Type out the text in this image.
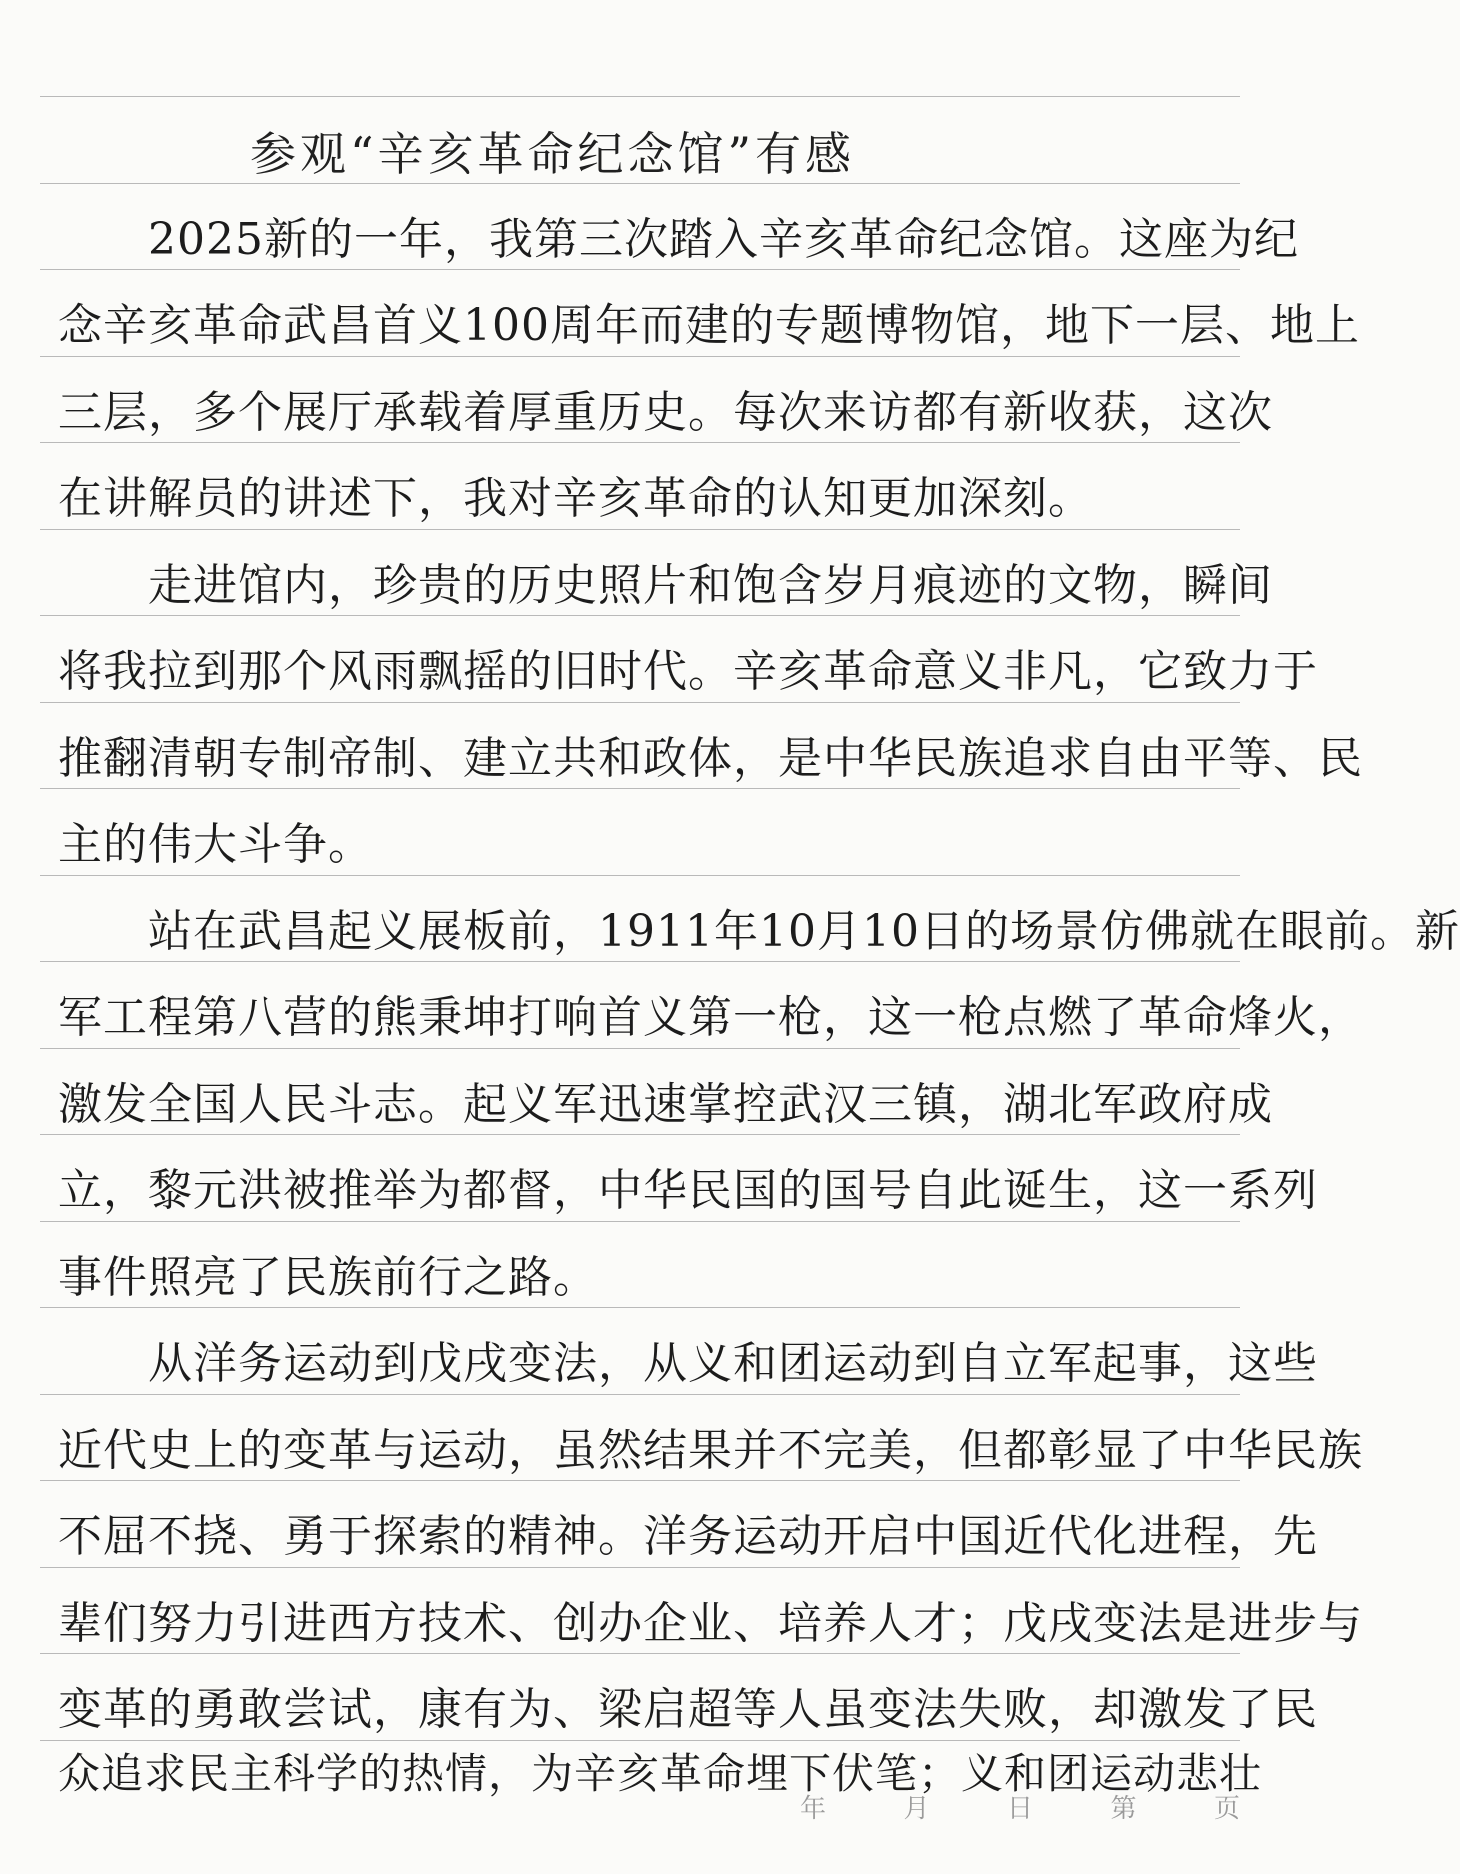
参观“辛亥革命纪念馆”有感
　　2025新的一年，我第三次踏入辛亥革命纪念馆。这座为纪
念辛亥革命武昌首义100周年而建的专题博物馆，地下一层、地上
三层，多个展厅承载着厚重历史。每次来访都有新收获，这次
在讲解员的讲述下，我对辛亥革命的认知更加深刻。
　　走进馆内，珍贵的历史照片和饱含岁月痕迹的文物，瞬间
将我拉到那个风雨飘摇的旧时代。辛亥革命意义非凡，它致力于
推翻清朝专制帝制、建立共和政体，是中华民族追求自由平等、民
主的伟大斗争。
　　站在武昌起义展板前，1911年10月10日的场景仿佛就在眼前。新
军工程第八营的熊秉坤打响首义第一枪，这一枪点燃了革命烽火，
激发全国人民斗志。起义军迅速掌控武汉三镇，湖北军政府成
立，黎元洪被推举为都督，中华民国的国号自此诞生，这一系列
事件照亮了民族前行之路。
　　从洋务运动到戊戌变法，从义和团运动到自立军起事，这些
近代史上的变革与运动，虽然结果并不完美，但都彰显了中华民族
不屈不挠、勇于探索的精神。洋务运动开启中国近代化进程，先
辈们努力引进西方技术、创办企业、培养人才；戊戌变法是进步与
变革的勇敢尝试，康有为、梁启超等人虽变法失败，却激发了民
众追求民主科学的热情，为辛亥革命埋下伏笔；义和团运动悲壮
年	月	日	第	页
